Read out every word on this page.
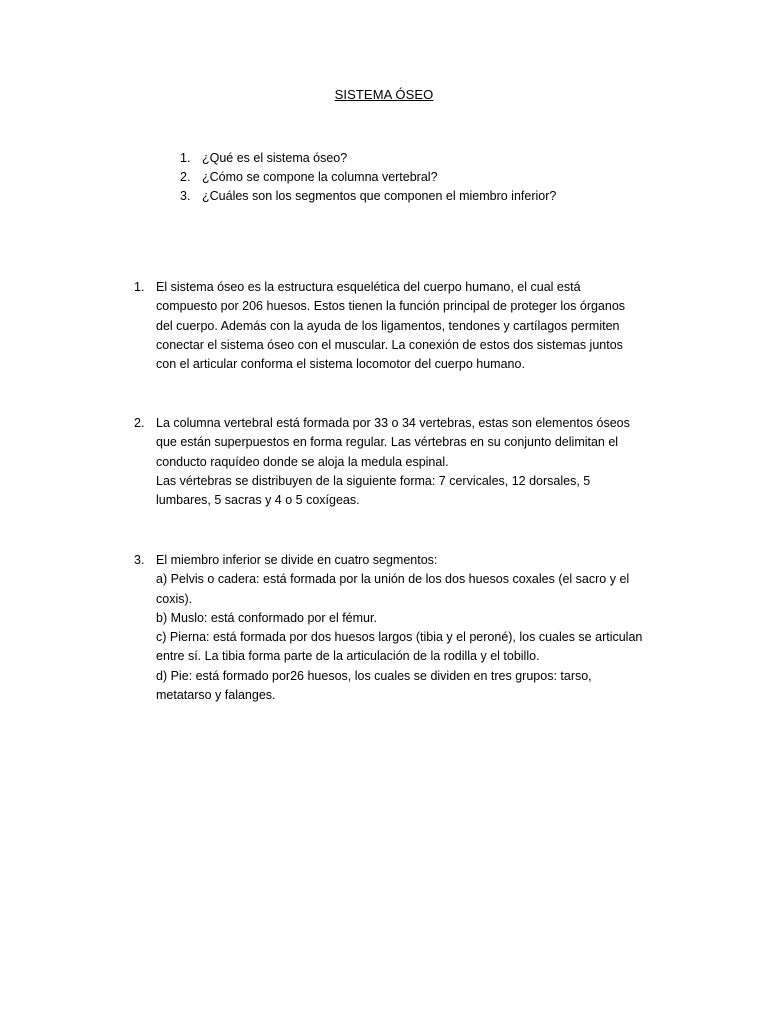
SISTEMA ÓSEO
1. ¿Qué es el sistema óseo?
2. ¿Cómo se compone la columna vertebral?
3. ¿Cuáles son los segmentos que componen el miembro inferior?
1. El sistema óseo es la estructura esquelética del cuerpo humano, el cual está
compuesto por 206 huesos. Estos tienen la función principal de proteger los órganos
del cuerpo. Además con la ayuda de los ligamentos, tendones y cartílagos permiten
conectar el sistema óseo con el muscular. La conexión de estos dos sistemas juntos
con el articular conforma el sistema locomotor del cuerpo humano.
2. La columna vertebral está formada por 33 o 34 vertebras, estas son elementos óseos
que están superpuestos en forma regular. Las vértebras en su conjunto delimitan el
conducto raquídeo donde se aloja la medula espinal.
Las vértebras se distribuyen de la siguiente forma: 7 cervicales, 12 dorsales, 5
lumbares, 5 sacras y 4 o 5 coxígeas.
3. El miembro inferior se divide en cuatro segmentos:
a) Pelvis o cadera: está formada por la unión de los dos huesos coxales (el sacro y el
coxis).
b) Muslo: está conformado por el fémur.
c) Pierna: está formada por dos huesos largos (tibia y el peroné), los cuales se articulan
entre sí. La tibia forma parte de la articulación de la rodilla y el tobillo.
d) Pie: está formado por26 huesos, los cuales se dividen en tres grupos: tarso,
metatarso y falanges.
